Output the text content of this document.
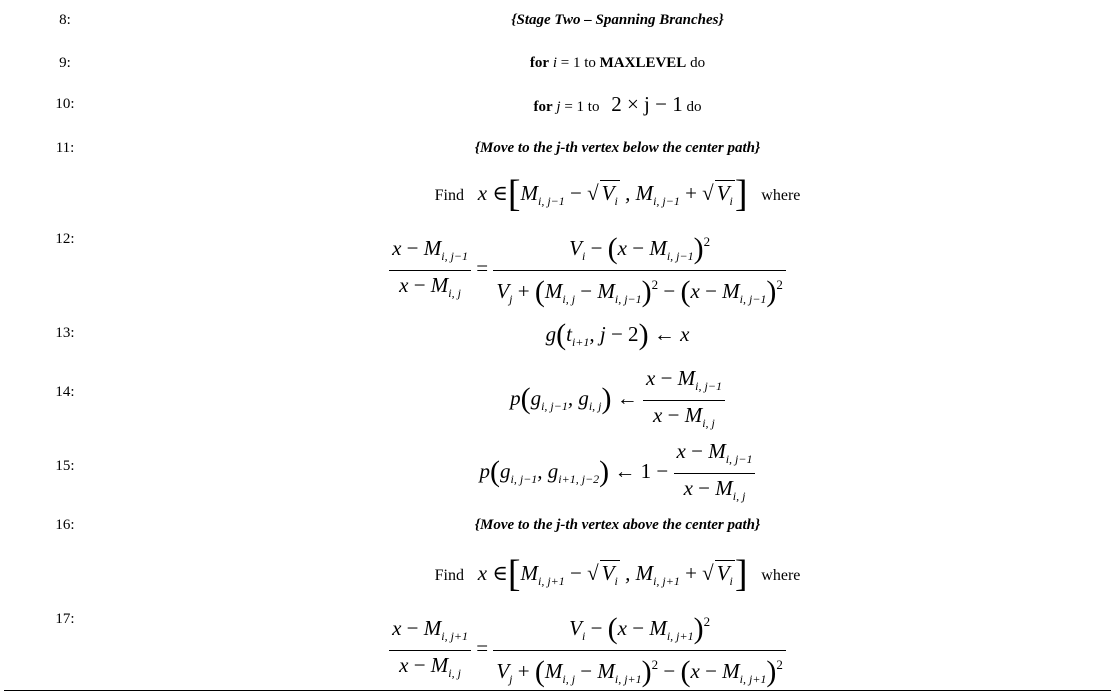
8:
9:
10:
11:
12:
13:
14:
15:
16:
17:
{Stage Two – Spanning Branches}
for i = 1 to MAXLEVEL do
for j = 1 to 2 × j − 1 do
{Move to the j-th vertex below the center path}
Find x $\in[M_{i, j-1}$ − √ $V_i$ , $M_{i, j-1}$ + √ $V_i$] where
$\frac{x - M_{i, j-1}}{x - M_{i, j}} = \frac{V_i - (x - M_{i, j-1})^2}{V_j + (M_{i, j} - M_{i, j-1})^2 - (x - M_{i, j-1})^2}$
$g(t_{i+1}$, j − 2) ← x
$p(g_{i, j-1}$, $g_{i, j}$) ← $\frac{x - M_{i, j-1}}{x - M_{i, j}}$
$p(g_{i, j-1}$, $g_{i+1, j-2}$) ← $1 - \frac{x - M_{i, j-1}}{x - M_{i, j}}$
{Move to the j-th vertex above the center path}
Find x $\in[M_{i, j+1}$ − √ $V_i$ , $M_{i, j+1}$ + √ $V_i$] where
$\frac{x - M_{i, j+1}}{x - M_{i, j}} = \frac{V_i - (x - M_{i, j+1})^2}{V_j + (M_{i, j} - M_{i, j+1})^2 - (x - M_{i, j+1})^2}$
